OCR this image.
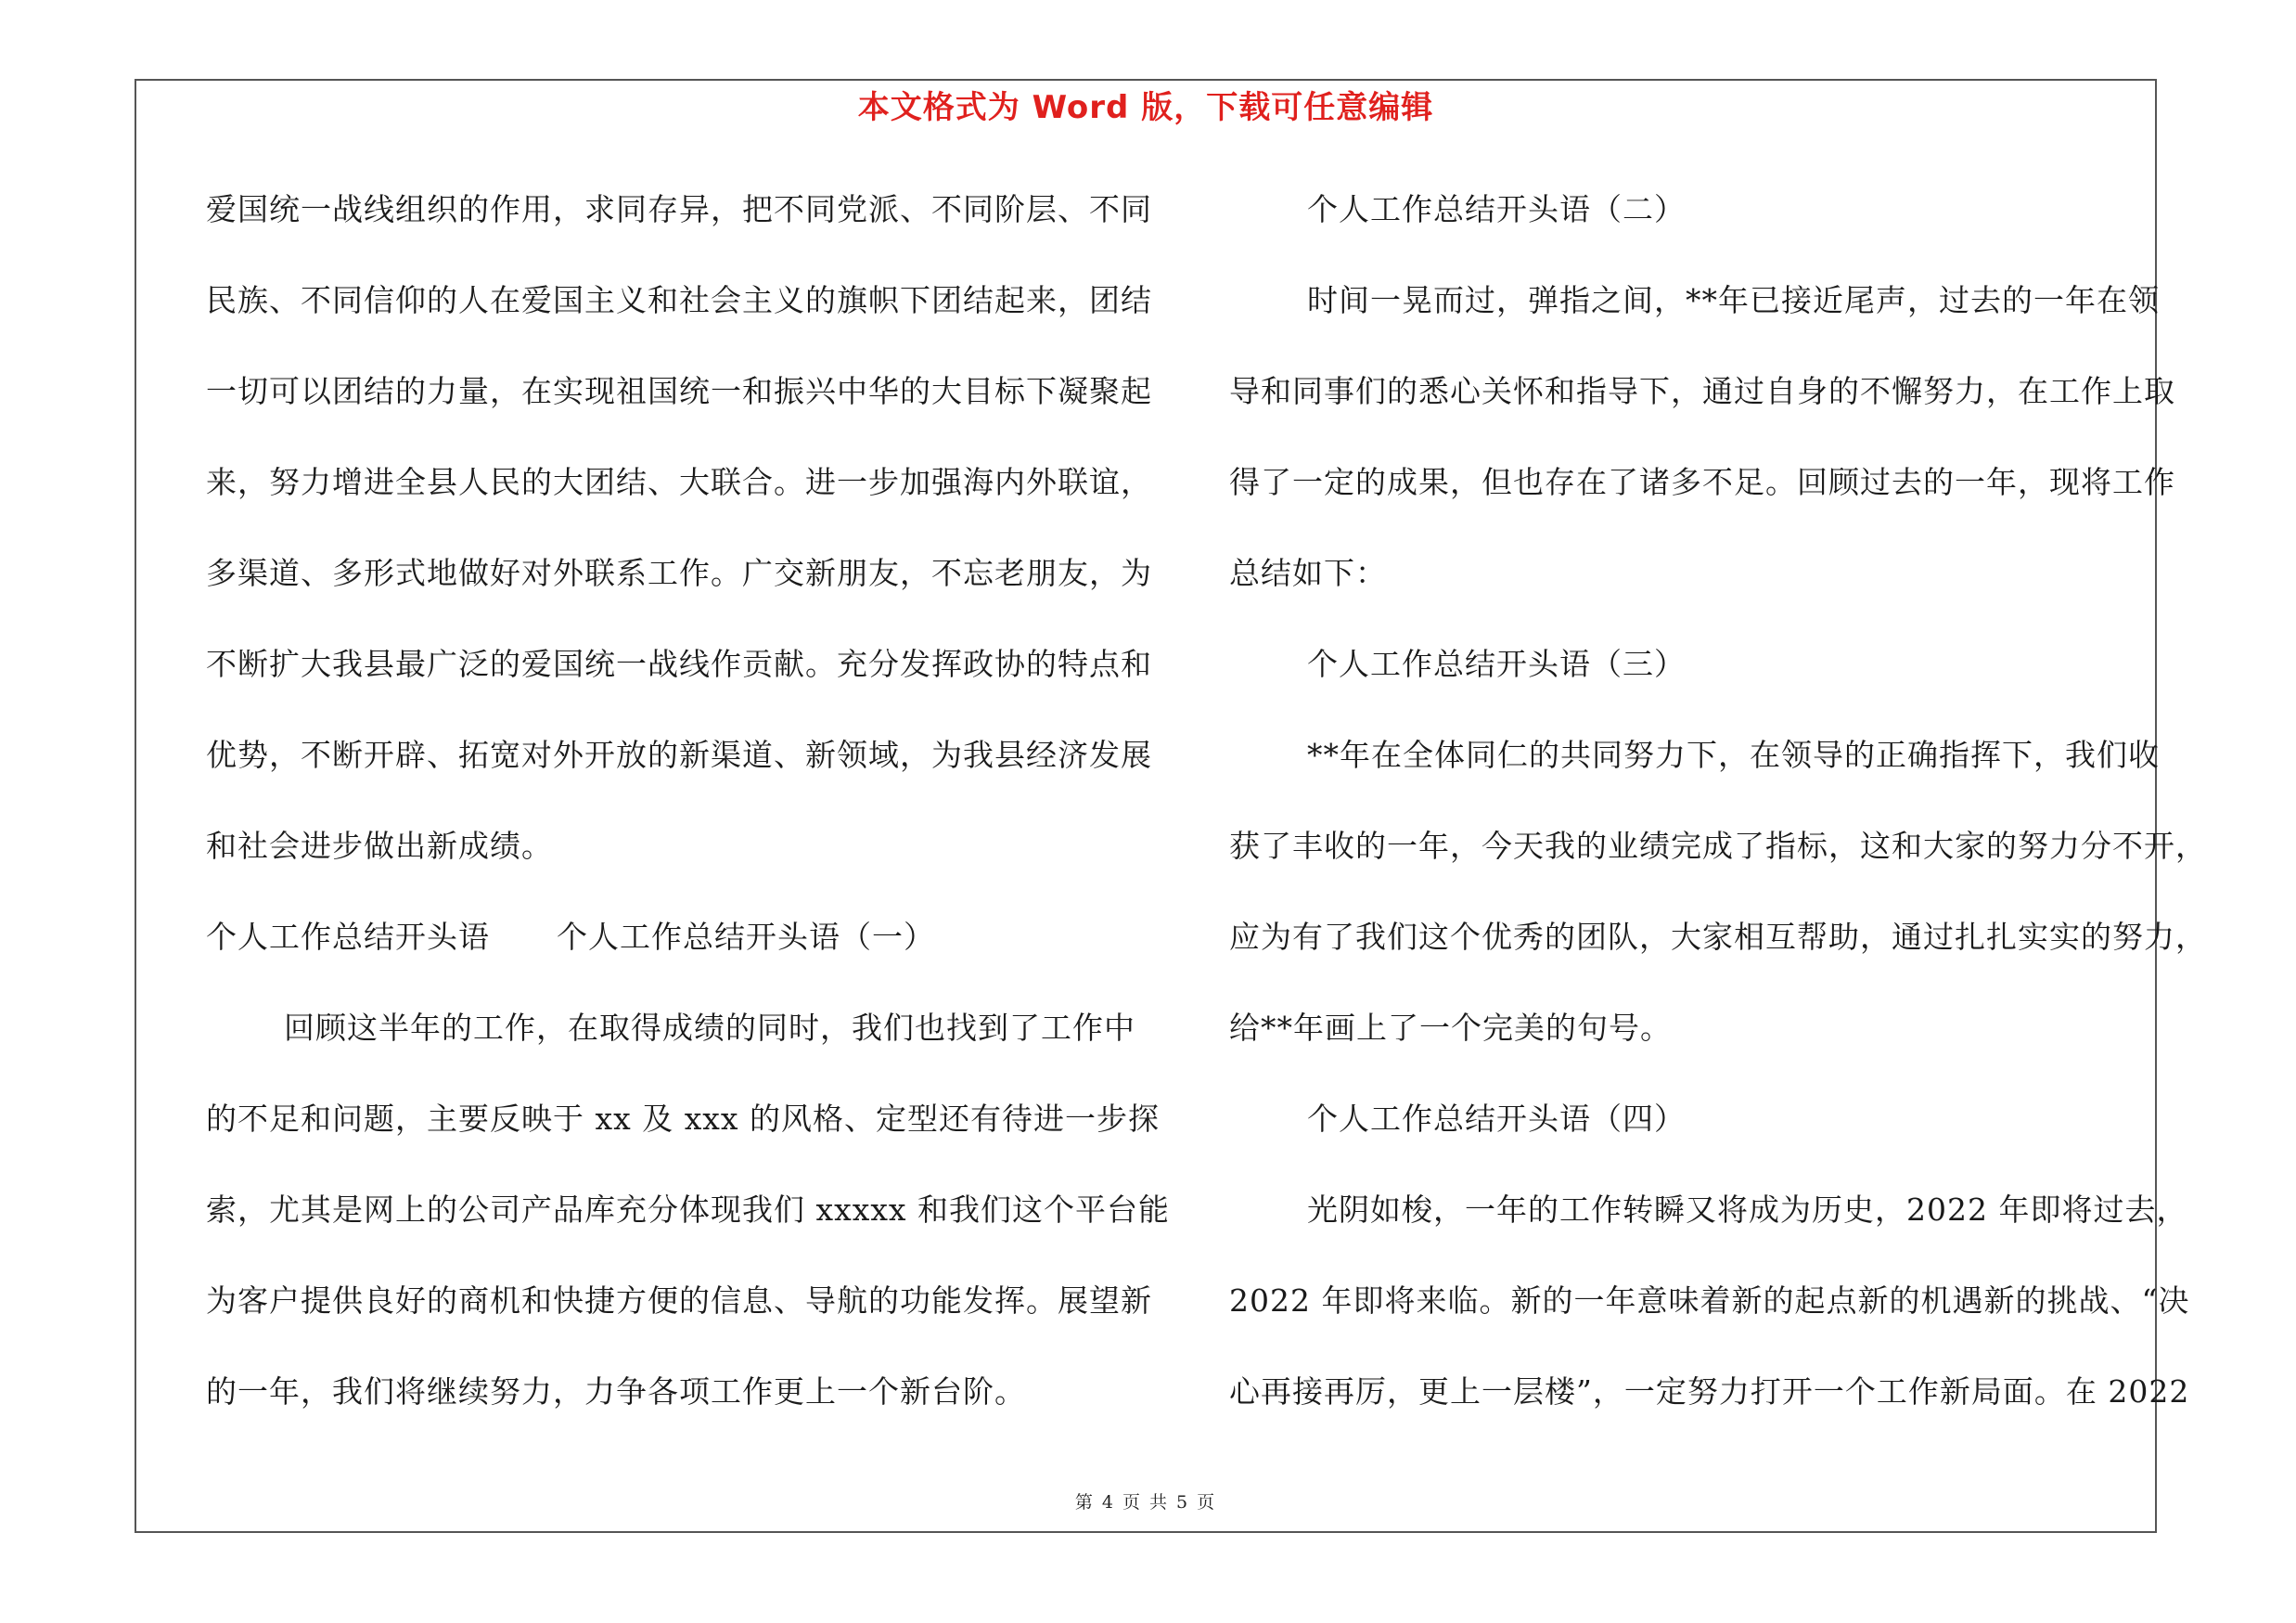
本文格式为 Word 版，下载可任意编辑
爱国统一战线组织的作用，求同存异，把不同党派、不同阶层、不同
民族、不同信仰的人在爱国主义和社会主义的旗帜下团结起来，团结
一切可以团结的力量，在实现祖国统一和振兴中华的大目标下凝聚起
来，努力增进全县人民的大团结、大联合。进一步加强海内外联谊，
多渠道、多形式地做好对外联系工作。广交新朋友，不忘老朋友，为
不断扩大我县最广泛的爱国统一战线作贡献。充分发挥政协的特点和
优势，不断开辟、拓宽对外开放的新渠道、新领域，为我县经济发展
和社会进步做出新成绩。
个人工作总结开头语 个人工作总结开头语（一）
回顾这半年的工作，在取得成绩的同时，我们也找到了工作中
的不足和问题，主要反映于 xx 及 xxx 的风格、定型还有待进一步探
索，尤其是网上的公司产品库充分体现我们 xxxxx 和我们这个平台能
为客户提供良好的商机和快捷方便的信息、导航的功能发挥。展望新
的一年，我们将继续努力，力争各项工作更上一个新台阶。
个人工作总结开头语（二）
时间一晃而过，弹指之间，**年已接近尾声，过去的一年在领
导和同事们的悉心关怀和指导下，通过自身的不懈努力，在工作上取
得了一定的成果，但也存在了诸多不足。回顾过去的一年，现将工作
总结如下：
个人工作总结开头语（三）
**年在全体同仁的共同努力下，在领导的正确指挥下，我们收
获了丰收的一年，今天我的业绩完成了指标，这和大家的努力分不开，
应为有了我们这个优秀的团队，大家相互帮助，通过扎扎实实的努力，
给**年画上了一个完美的句号。
个人工作总结开头语（四）
光阴如梭，一年的工作转瞬又将成为历史，2022 年即将过去，
2022 年即将来临。新的一年意味着新的起点新的机遇新的挑战、“决
心再接再厉，更上一层楼”，一定努力打开一个工作新局面。在 2022
第 4 页 共 5 页
